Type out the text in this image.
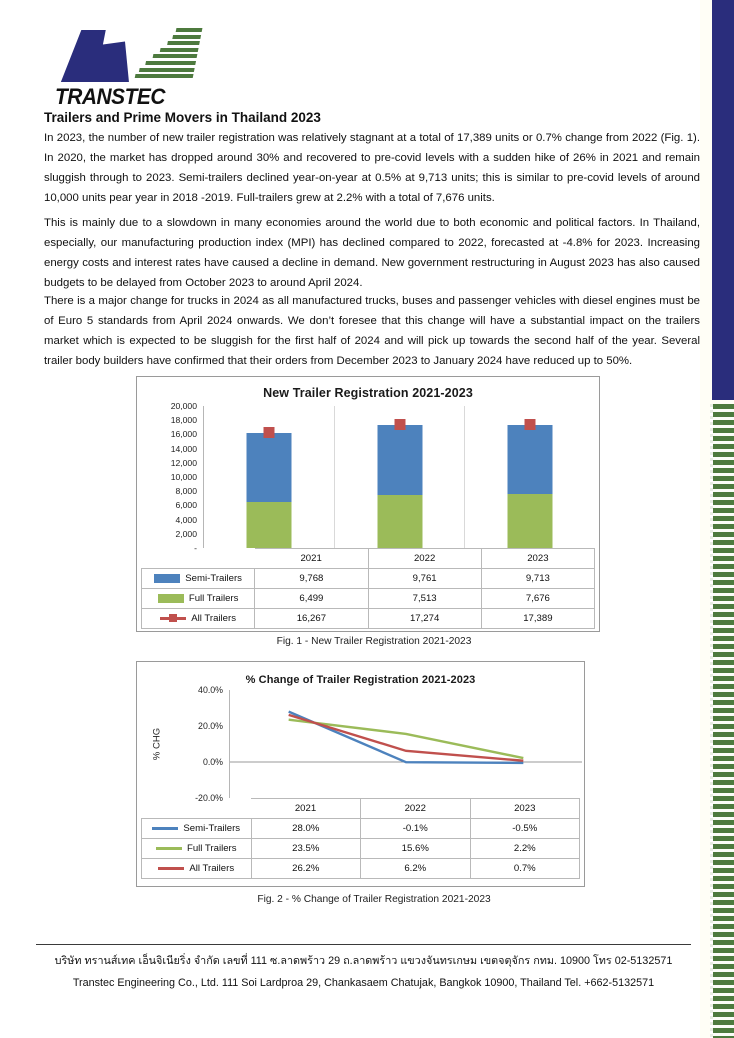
TRANSTEC
Trailers and Prime Movers in Thailand 2023
In 2023, the number of new trailer registration was relatively stagnant at a total of 17,389 units or 0.7% change from 2022 (Fig. 1). In 2020, the market has dropped around 30% and recovered to pre-covid levels with a sudden hike of 26% in 2021 and remain sluggish through to 2023. Semi-trailers declined year-on-year at 0.5% at 9,713 units; this is similar to pre-covid levels of around 10,000 units pear year in 2018 -2019. Full-trailers grew at 2.2% with a total of 7,676 units.
This is mainly due to a slowdown in many economies around the world due to both economic and political factors. In Thailand, especially, our manufacturing production index (MPI) has declined compared to 2022, forecasted at -4.8% for 2023. Increasing energy costs and interest rates have caused a decline in demand. New government restructuring in August 2023 has also caused budgets to be delayed from October 2023 to around April 2024.
There is a major change for trucks in 2024 as all manufactured trucks, buses and passenger vehicles with diesel engines must be of Euro 5 standards from April 2024 onwards. We don’t foresee that this change will have a substantial impact on the trailers market which is expected to be sluggish for the first half of 2024 and will pick up towards the second half of the year. Several trailer body builders have confirmed that their orders from December 2023 to January 2024 have reduced up to 50%.
New Trailer Registration 2021-2023
-
2,000
4,000
6,000
8,000
10,000
12,000
14,000
16,000
18,000
20,000
	2021	2022	2023
Semi-Trailers	9,768	9,761	9,713
Full Trailers	6,499	7,513	7,676
All Trailers	16,267	17,274	17,389
Fig. 1 - New Trailer Registration 2021-2023
% Change of Trailer Registration 2021-2023
% CHG
-20.0%
0.0%
20.0%
40.0%
	2021	2022	2023
Semi-Trailers	28.0%	-0.1%	-0.5%
Full Trailers	23.5%	15.6%	2.2%
All Trailers	26.2%	6.2%	0.7%
Fig. 2 - % Change of Trailer Registration 2021-2023
บริษัท ทรานส์เทค เอ็นจิเนียริ่ง จำกัด เลขที่ 111 ซ.ลาดพร้าว 29 ถ.ลาดพร้าว แขวงจันทรเกษม เขตจตุจักร กทม. 10900 โทร 02-5132571
Transtec Engineering Co., Ltd. 111 Soi Lardproa 29, Chankasaem Chatujak, Bangkok 10900, Thailand Tel. +662-5132571
